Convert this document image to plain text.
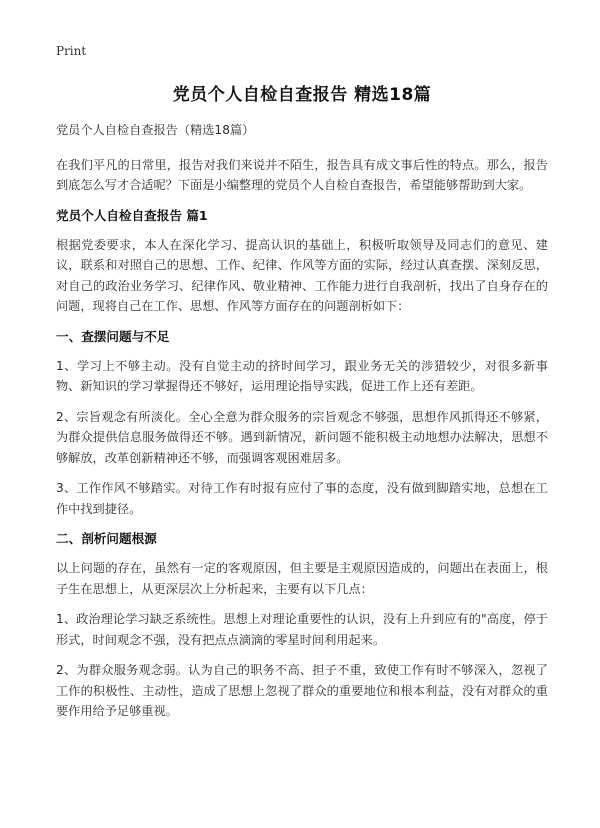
Print
党员个人自检自查报告 精选18篇

党员个人自检自查报告（精选18篇）

在我们平凡的日常里，报告对我们来说并不陌生，报告具有成文事后性的特点。那么，报告到底怎么写才合适呢？下面是小编整理的党员个人自检自查报告，希望能够帮助到大家。

党员个人自检自查报告 篇1

根据党委要求，本人在深化学习、提高认识的基础上，积极听取领导及同志们的意见、建议，联系和对照自己的思想、工作、纪律、作风等方面的实际，经过认真查摆、深刻反思，对自己的政治业务学习、纪律作风、敬业精神、工作能力进行自我剖析，找出了自身存在的问题，现将自己在工作、思想、作风等方面存在的问题剖析如下：

一、查摆问题与不足

1、学习上不够主动。没有自觉主动的挤时间学习，跟业务无关的涉猎较少，对很多新事物、新知识的学习掌握得还不够好，运用理论指导实践，促进工作上还有差距。

2、宗旨观念有所淡化。全心全意为群众服务的宗旨观念不够强，思想作风抓得还不够紧，为群众提供信息服务做得还不够。遇到新情况，新问题不能积极主动地想办法解决，思想不够解放，改革创新精神还不够，而强调客观困难居多。

3、工作作风不够踏实。对待工作有时报有应付了事的态度，没有做到脚踏实地，总想在工作中找到捷径。

二、剖析问题根源

以上问题的存在，虽然有一定的客观原因，但主要是主观原因造成的，问题出在表面上，根子生在思想上，从更深层次上分析起来，主要有以下几点：

1、政治理论学习缺乏系统性。思想上对理论重要性的认识，没有上升到应有的"高度，停于形式，时间观念不强，没有把点点滴滴的零星时间利用起来。

2、为群众服务观念弱。认为自己的职务不高、担子不重，致使工作有时不够深入，忽视了工作的积极性、主动性，造成了思想上忽视了群众的重要地位和根本利益，没有对群众的重要作用给予足够重视。
